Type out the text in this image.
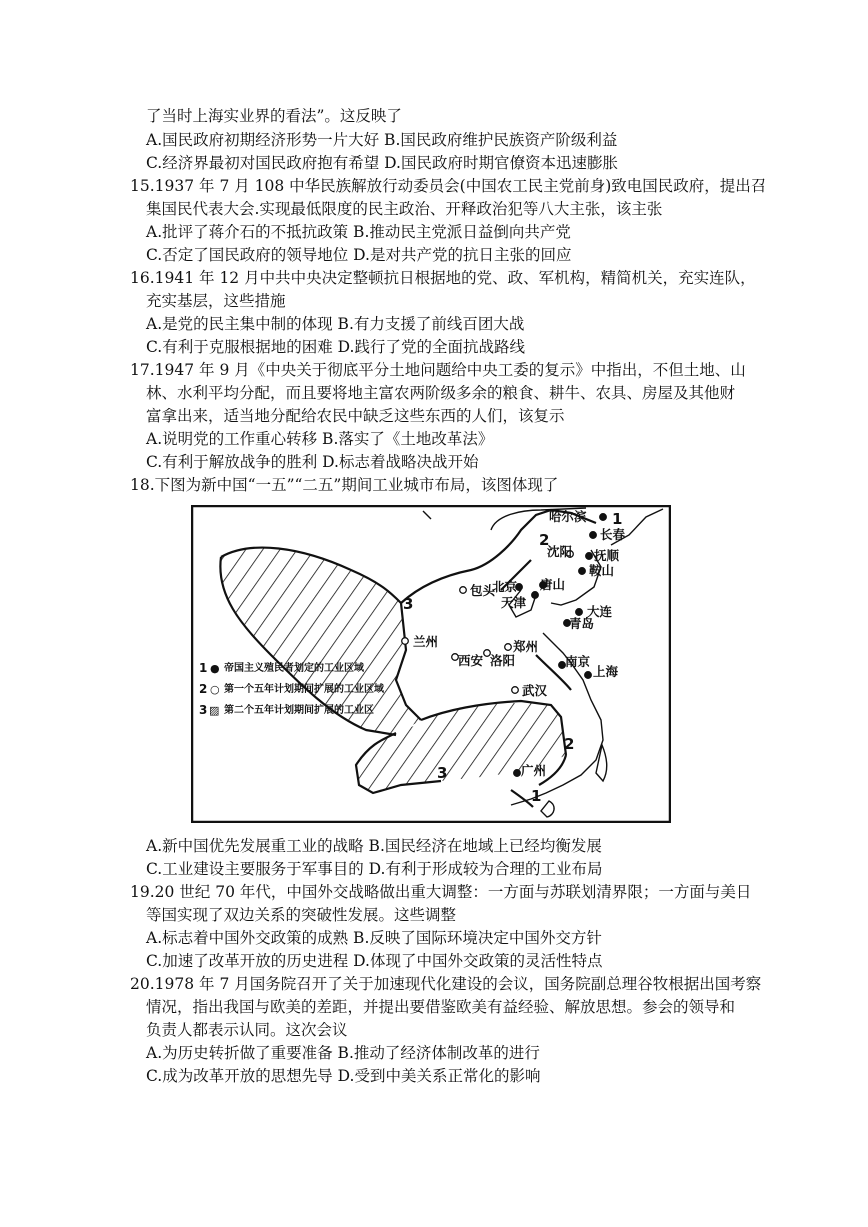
了当时上海实业界的看法”。这反映了
A.国民政府初期经济形势一片大好 B.国民政府维护民族资产阶级利益
C.经济界最初对国民政府抱有希望 D.国民政府时期官僚资本迅速膨胀
15.1937 年 7 月 108 中华民族解放行动委员会(中国农工民主党前身)致电国民政府，提出召
集国民代表大会.实现最低限度的民主政治、开释政治犯等八大主张，该主张
A.批评了蒋介石的不抵抗政策 B.推动民主党派日益倒向共产党
C.否定了国民政府的领导地位 D.是对共产党的抗日主张的回应
16.1941 年 12 月中共中央决定整顿抗日根据地的党、政、军机构，精简机关，充实连队，
充实基层，这些措施
A.是党的民主集中制的体现 B.有力支援了前线百团大战
C.有利于克服根据地的困难 D.践行了党的全面抗战路线
17.1947 年 9 月《中央关于彻底平分土地问题给中央工委的复示》中指出，不但土地、山
林、水利平均分配，而且要将地主富农两阶级多余的粮食、耕牛、农具、房屋及其他财
富拿出来，适当地分配给农民中缺乏这些东西的人们，该复示
A.说明党的工作重心转移 B.落实了《土地改革法》
C.有利于解放战争的胜利 D.标志着战略决战开始
18.下图为新中国“一五”“二五”期间工业城市布局，该图体现了
1
2
3
3
2
1
哈尔滨
长春
沈阳 抚顺
鞍山
北京 唐山
天津
大连
包头
青岛
兰州	郑州
西安 洛阳	南京
上海
武汉
广州
1 ● 帝国主义殖民者划定的工业区域
2 ○ 第一个五年计划期间扩展的工业区域
3 ▨ 第二个五年计划期间扩展的工业区
A.新中国优先发展重工业的战略 B.国民经济在地域上已经均衡发展
C.工业建设主要服务于军事目的 D.有利于形成较为合理的工业布局
19.20 世纪 70 年代，中国外交战略做出重大调整：一方面与苏联划清界限；一方面与美日
等国实现了双边关系的突破性发展。这些调整
A.标志着中国外交政策的成熟 B.反映了国际环境决定中国外交方针
C.加速了改革开放的历史进程 D.体现了中国外交政策的灵活性特点
20.1978 年 7 月国务院召开了关于加速现代化建设的会议，国务院副总理谷牧根据出国考察
情况，指出我国与欧美的差距，并提出要借鉴欧美有益经验、解放思想。参会的领导和
负责人都表示认同。这次会议
A.为历史转折做了重要准备 B.推动了经济体制改革的进行
C.成为改革开放的思想先导 D.受到中美关系正常化的影响
